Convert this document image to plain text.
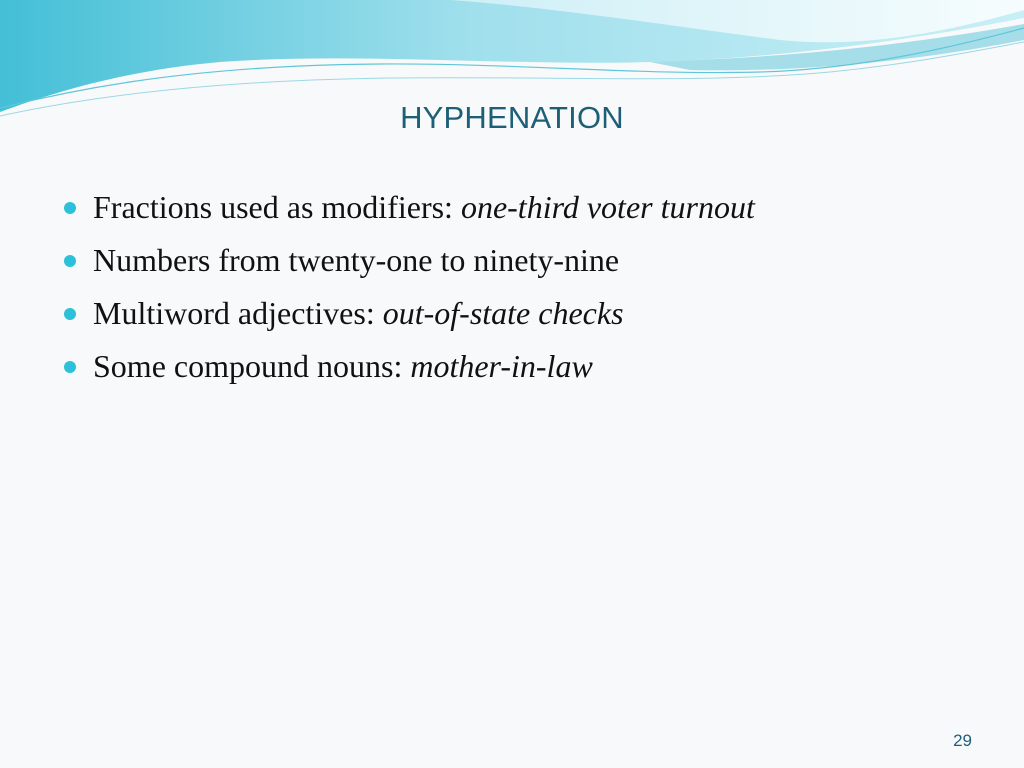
HYPHENATION
Fractions used as modifiers: one-third voter turnout
Numbers from twenty-one to ninety-nine
Multiword adjectives: out-of-state checks
Some compound nouns: mother-in-law
29
